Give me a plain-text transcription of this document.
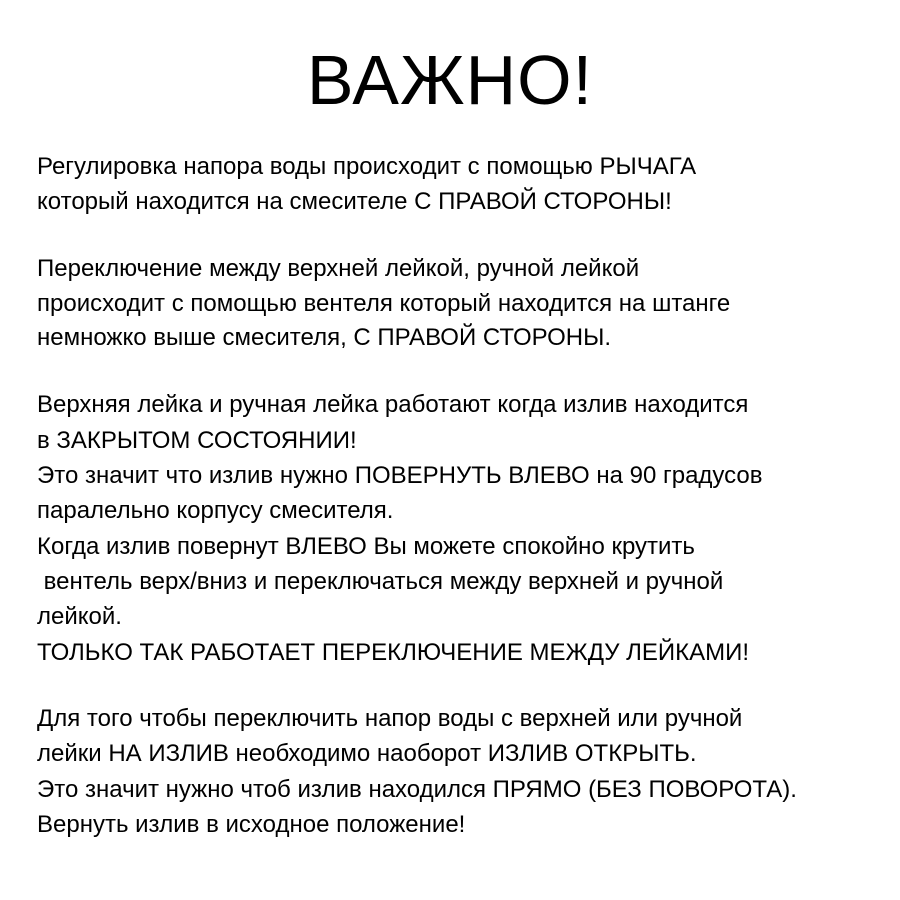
ВАЖНО!

Регулировка напора воды происходит с помощью РЫЧАГА

который находится на смесителе С ПРАВОЙ СТОРОНЫ!

Переключение между верхней лейкой, ручной лейкой

происходит с помощью вентеля который находится на штанге

немножко выше смесителя, С ПРАВОЙ СТОРОНЫ.

Верхняя лейка и ручная лейка работают когда излив находится

в ЗАКРЫТОМ СОСТОЯНИИ!

Это значит что излив нужно ПОВЕРНУТЬ ВЛЕВО на 90 градусов

паралельно корпусу смесителя.

Когда излив повернут ВЛЕВО Вы можете спокойно крутить

вентель верх/вниз и переключаться между верхней и ручной

лейкой.

ТОЛЬКО ТАК РАБОТАЕТ ПЕРЕКЛЮЧЕНИЕ МЕЖДУ ЛЕЙКАМИ!

Для того чтобы переключить напор воды с верхней или ручной

лейки НА ИЗЛИВ необходимо наоборот ИЗЛИВ ОТКРЫТЬ.

Это значит нужно чтоб излив находился ПРЯМО (БЕЗ ПОВОРОТА).

Вернуть излив в исходное положение!
